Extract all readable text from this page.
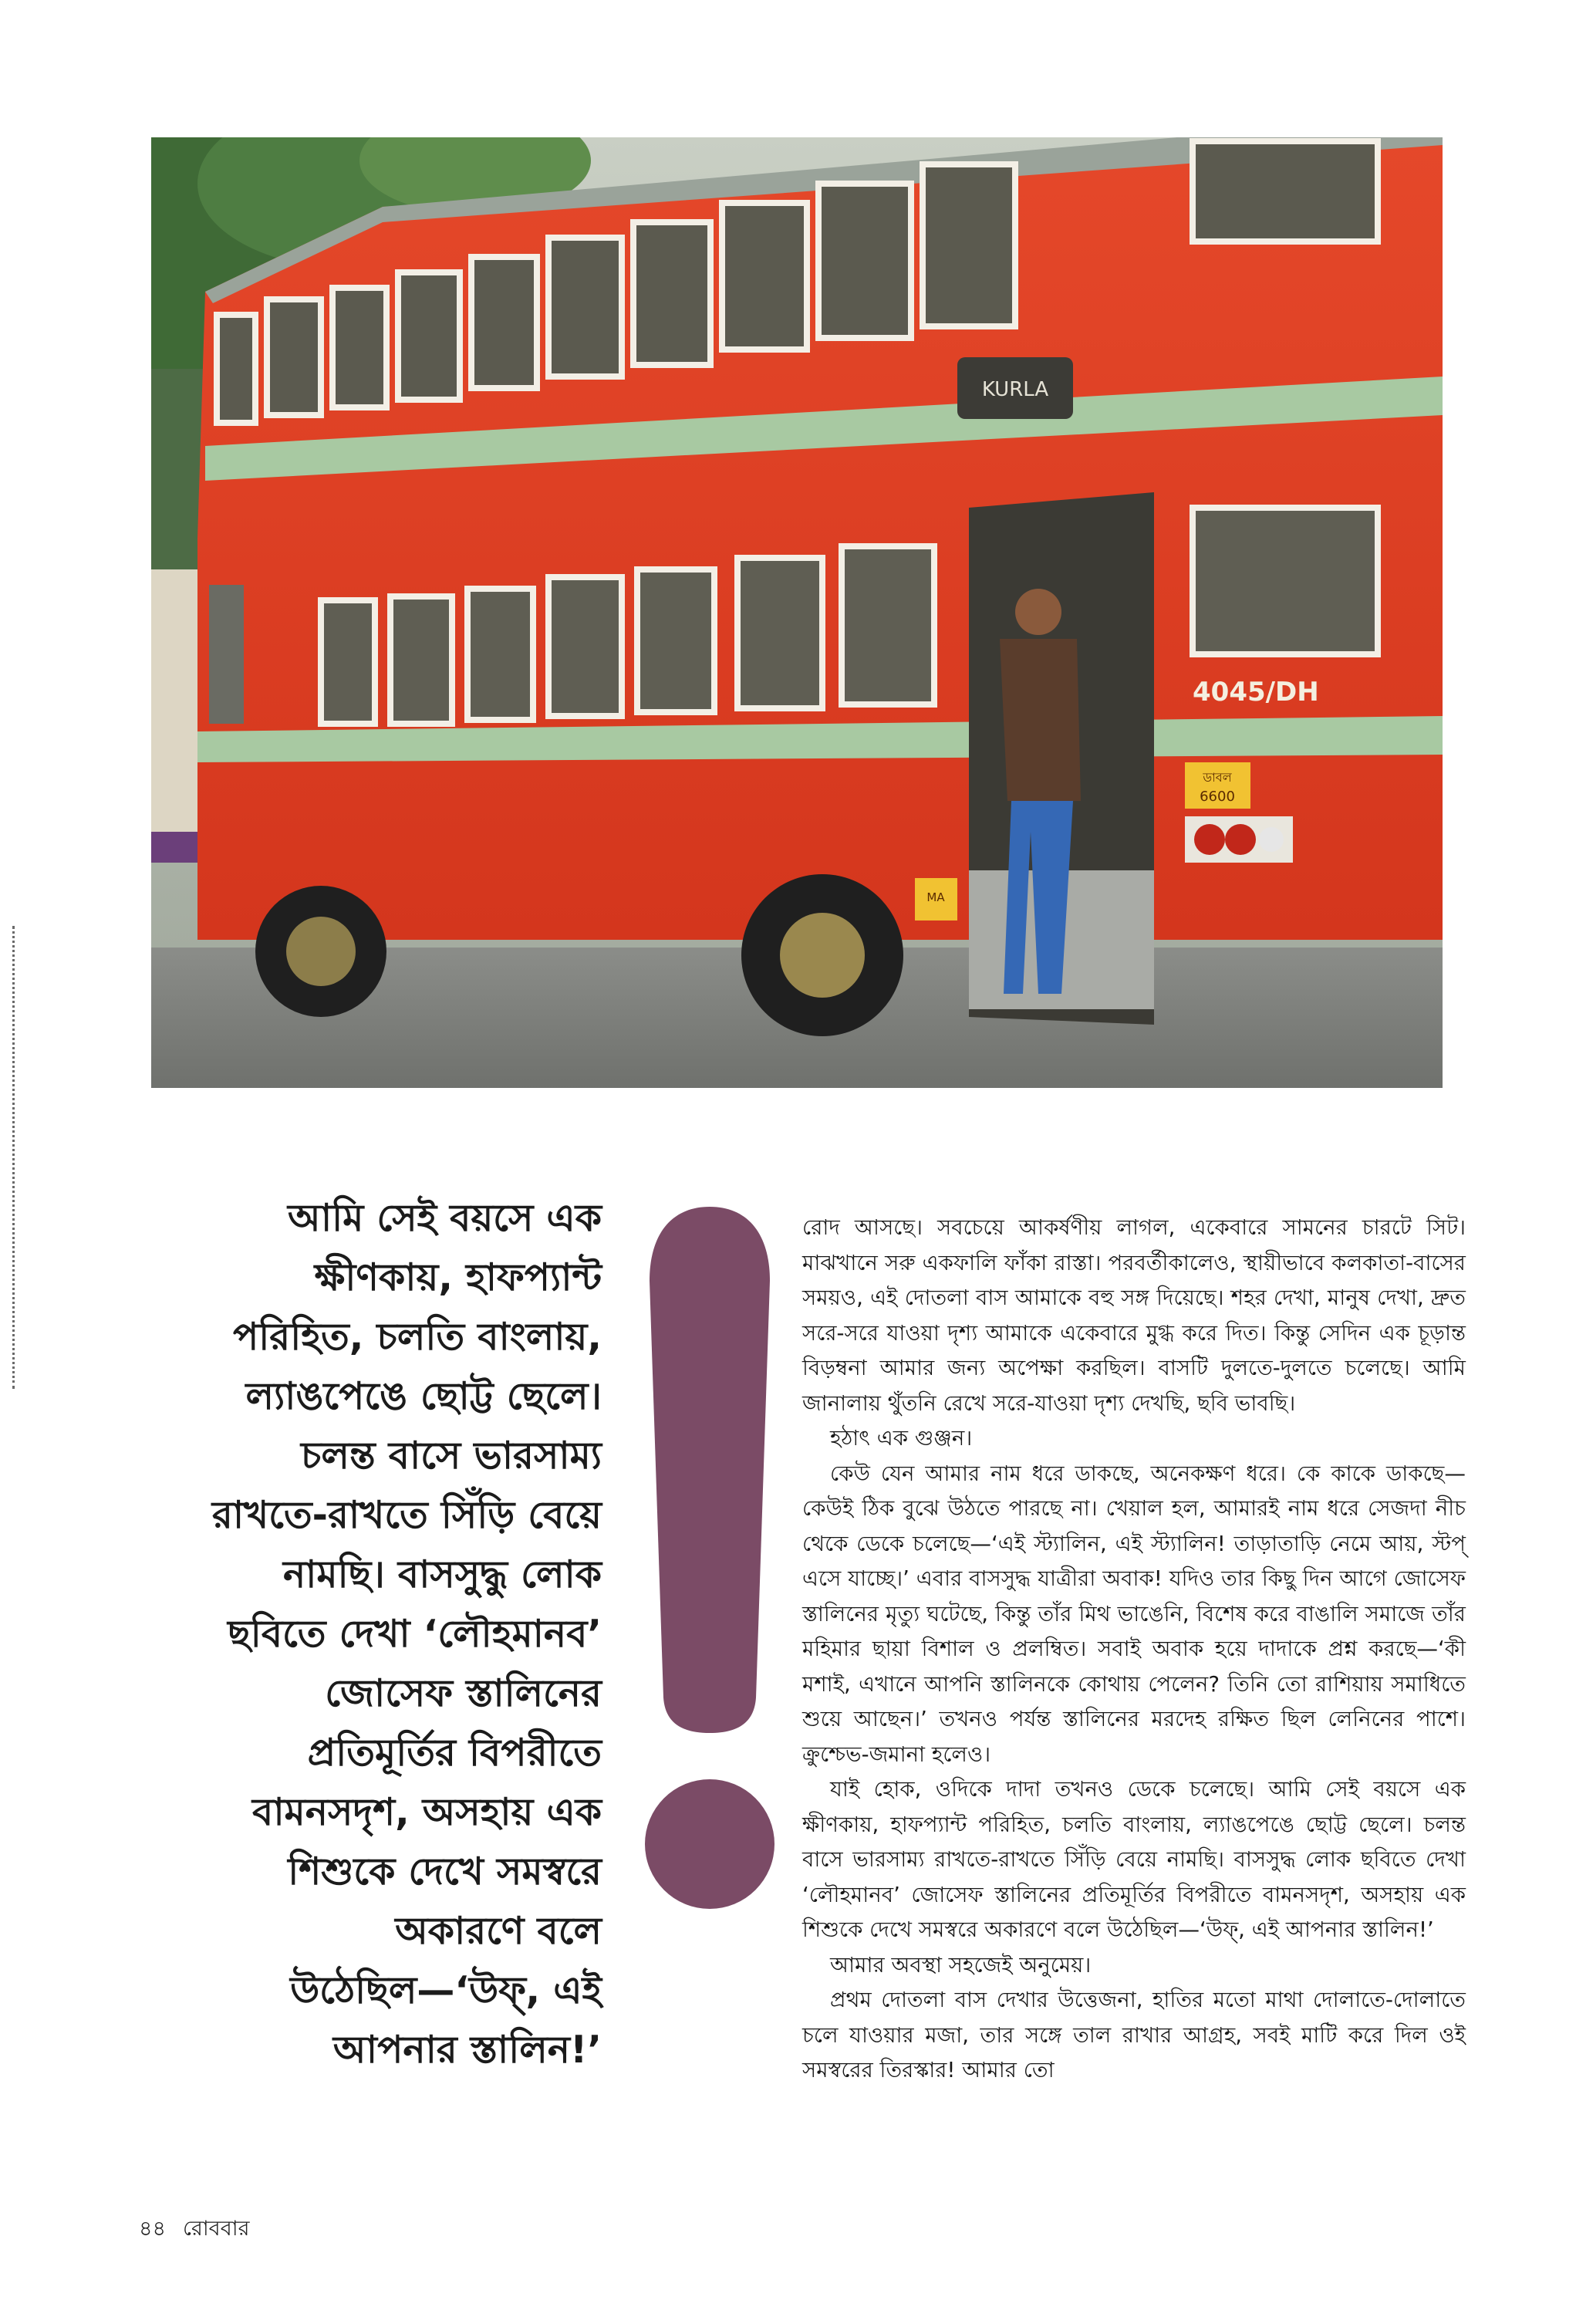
KURLA
4045/DH
ডাবল
6600
MA
আমি সেই বয়সে এক
ক্ষীণকায়, হাফপ্যান্ট
পরিহিত, চলতি বাংলায়,
ল্যাঙপেঙে ছোট্ট ছেলে।
চলন্ত বাসে ভারসাম্য
রাখতে-রাখতে সিঁড়ি বেয়ে
নামছি। বাসসুদ্ধু লোক
ছবিতে দেখা ‘লৌহমানব’
জোসেফ স্তালিনের
প্রতিমূর্তির বিপরীতে
বামনসদৃশ, অসহায় এক
শিশুকে দেখে সমস্বরে
অকারণে বলে
উঠেছিল—‘উফ্, এই
আপনার স্তালিন!’

রোদ আসছে। সবচেয়ে আকর্ষণীয় লাগল, একেবারে সামনের চারটে সিট। মাঝখানে সরু একফালি ফাঁকা রাস্তা। পরবর্তীকালেও, স্থায়ীভাবে কলকাতা-বাসের সময়ও, এই দোতলা বাস আমাকে বহু সঙ্গ দিয়েছে। শহর দেখা, মানুষ দেখা, দ্রুত সরে-সরে যাওয়া দৃশ্য আমাকে একেবারে মুগ্ধ করে দিত। কিন্তু সেদিন এক চূড়ান্ত বিড়ম্বনা আমার জন্য অপেক্ষা করছিল। বাসটি দুলতে-দুলতে চলেছে। আমি জানালায় থুঁতনি রেখে সরে-যাওয়া দৃশ্য দেখছি, ছবি ভাবছি।

হঠাৎ এক গুঞ্জন।

কেউ যেন আমার নাম ধরে ডাকছে, অনেকক্ষণ ধরে। কে কাকে ডাকছে—কেউই ঠিক বুঝে উঠতে পারছে না। খেয়াল হল, আমারই নাম ধরে সেজদা নীচ থেকে ডেকে চলেছে—‘এই স্ট্যালিন, এই স্ট্যালিন! তাড়াতাড়ি নেমে আয়, স্টপ্ এসে যাচ্ছে।’ এবার বাসসুদ্ধ যাত্রীরা অবাক! যদিও তার কিছু দিন আগে জোসেফ স্তালিনের মৃত্যু ঘটেছে, কিন্তু তাঁর মিথ ভাঙেনি, বিশেষ করে বাঙালি সমাজে তাঁর মহিমার ছায়া বিশাল ও প্রলম্বিত। সবাই অবাক হয়ে দাদাকে প্রশ্ন করছে—‘কী মশাই, এখানে আপনি স্তালিনকে কোথায় পেলেন? তিনি তো রাশিয়ায় সমাধিতে শুয়ে আছেন।’ তখনও পর্যন্ত স্তালিনের মরদেহ রক্ষিত ছিল লেনিনের পাশে। ক্রুশ্চেভ-জমানা হলেও।

যাই হোক, ওদিকে দাদা তখনও ডেকে চলেছে। আমি সেই বয়সে এক ক্ষীণকায়, হাফপ্যান্ট পরিহিত, চলতি বাংলায়, ল্যাঙপেঙে ছোট্ট ছেলে। চলন্ত বাসে ভারসাম্য রাখতে-রাখতে সিঁড়ি বেয়ে নামছি। বাসসুদ্ধ লোক ছবিতে দেখা ‘লৌহমানব’ জোসেফ স্তালিনের প্রতিমূর্তির বিপরীতে বামনসদৃশ, অসহায় এক শিশুকে দেখে সমস্বরে অকারণে বলে উঠেছিল—‘উফ্, এই আপনার স্তালিন!’

আমার অবস্থা সহজেই অনুমেয়।

প্রথম দোতলা বাস দেখার উত্তেজনা, হাতির মতো মাথা দোলাতে-দোলাতে চলে যাওয়ার মজা, তার সঙ্গে তাল রাখার আগ্রহ, সবই মাটি করে দিল ওই সমস্বরের তিরস্কার! আমার তো

৪৪ রোববার
